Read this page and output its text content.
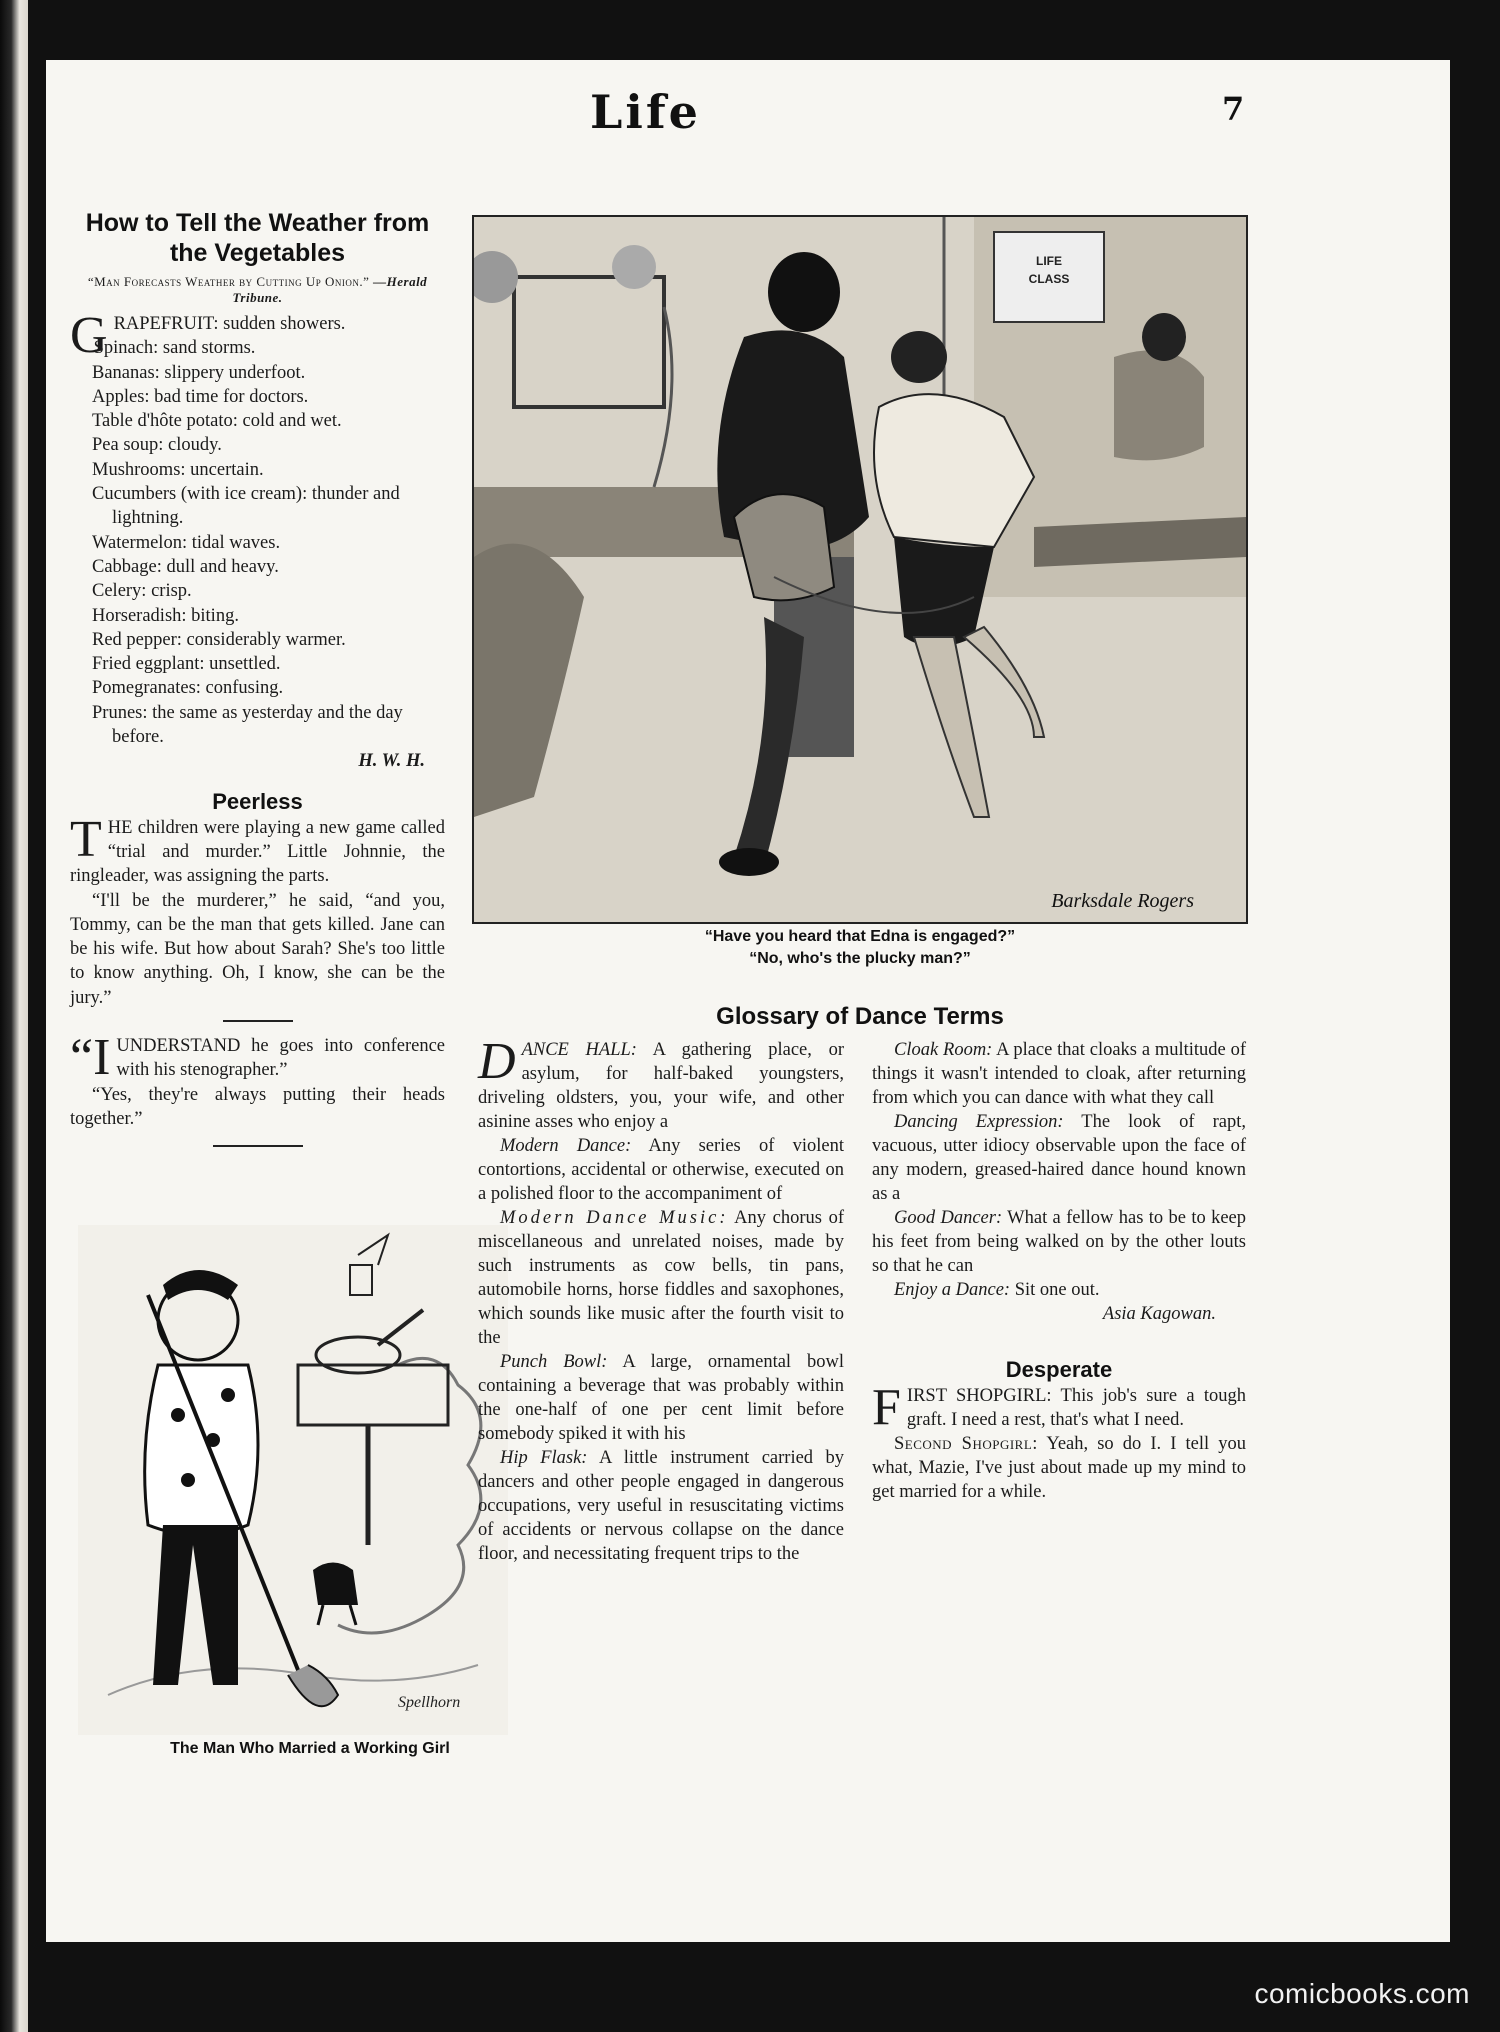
Life	7
How to Tell the Weather from the Vegetables
“Man Forecasts Weather by Cutting Up Onion.” —Herald Tribune.

GRAPEFRUIT: sudden showers.

Spinach: sand storms.
Bananas: slippery underfoot.
Apples: bad time for doctors.
Table d'hôte potato: cold and wet.
Pea soup: cloudy.
Mushrooms: uncertain.
Cucumbers (with ice cream): thunder and lightning.
Watermelon: tidal waves.
Cabbage: dull and heavy.
Celery: crisp.
Horseradish: biting.
Red pepper: considerably warmer.
Fried eggplant: unsettled.
Pomegranates: confusing.
Prunes: the same as yesterday and the day before.
H. W. H.
Peerless

THE children were playing a new game called “trial and murder.” Little Johnnie, the ringleader, was assigning the parts.

“I'll be the murderer,” he said, “and you, Tommy, can be the man that gets killed. Jane can be his wife. But how about Sarah? She's too little to know anything. Oh, I know, she can be the jury.”

“I UNDERSTAND he goes into conference with his stenographer.”

“Yes, they're always putting their heads together.”

Spellhorn
The Man Who Married a Working Girl
LIFE
CLASS
Barksdale Rogers
“Have you heard that Edna is engaged?”
“No, who's the plucky man?”
Glossary of Dance Terms

DANCE HALL: A gathering place, or asylum, for half-baked youngsters, driveling oldsters, you, your wife, and other asinine asses who enjoy a

Modern Dance: Any series of violent contortions, accidental or otherwise, executed on a polished floor to the accompaniment of

Modern Dance Music: Any chorus of miscellaneous and unrelated noises, made by such instruments as cow bells, tin pans, automobile horns, horse fiddles and saxophones, which sounds like music after the fourth visit to the

Punch Bowl: A large, ornamental bowl containing a beverage that was probably within the one-half of one per cent limit before somebody spiked it with his

Hip Flask: A little instrument carried by dancers and other people engaged in dangerous occupations, very useful in resuscitating victims of accidents or nervous collapse on the dance floor, and necessitating frequent trips to the

Cloak Room: A place that cloaks a multitude of things it wasn't intended to cloak, after returning from which you can dance with what they call

Dancing Expression: The look of rapt, vacuous, utter idiocy observable upon the face of any modern, greased-haired dance hound known as a

Good Dancer: What a fellow has to be to keep his feet from being walked on by the other louts so that he can

Enjoy a Dance: Sit one out.

Asia Kagowan.
Desperate

FIRST SHOPGIRL: This job's sure a tough graft. I need a rest, that's what I need.

Second Shopgirl: Yeah, so do I. I tell you what, Mazie, I've just about made up my mind to get married for a while.

comicbooks.com
